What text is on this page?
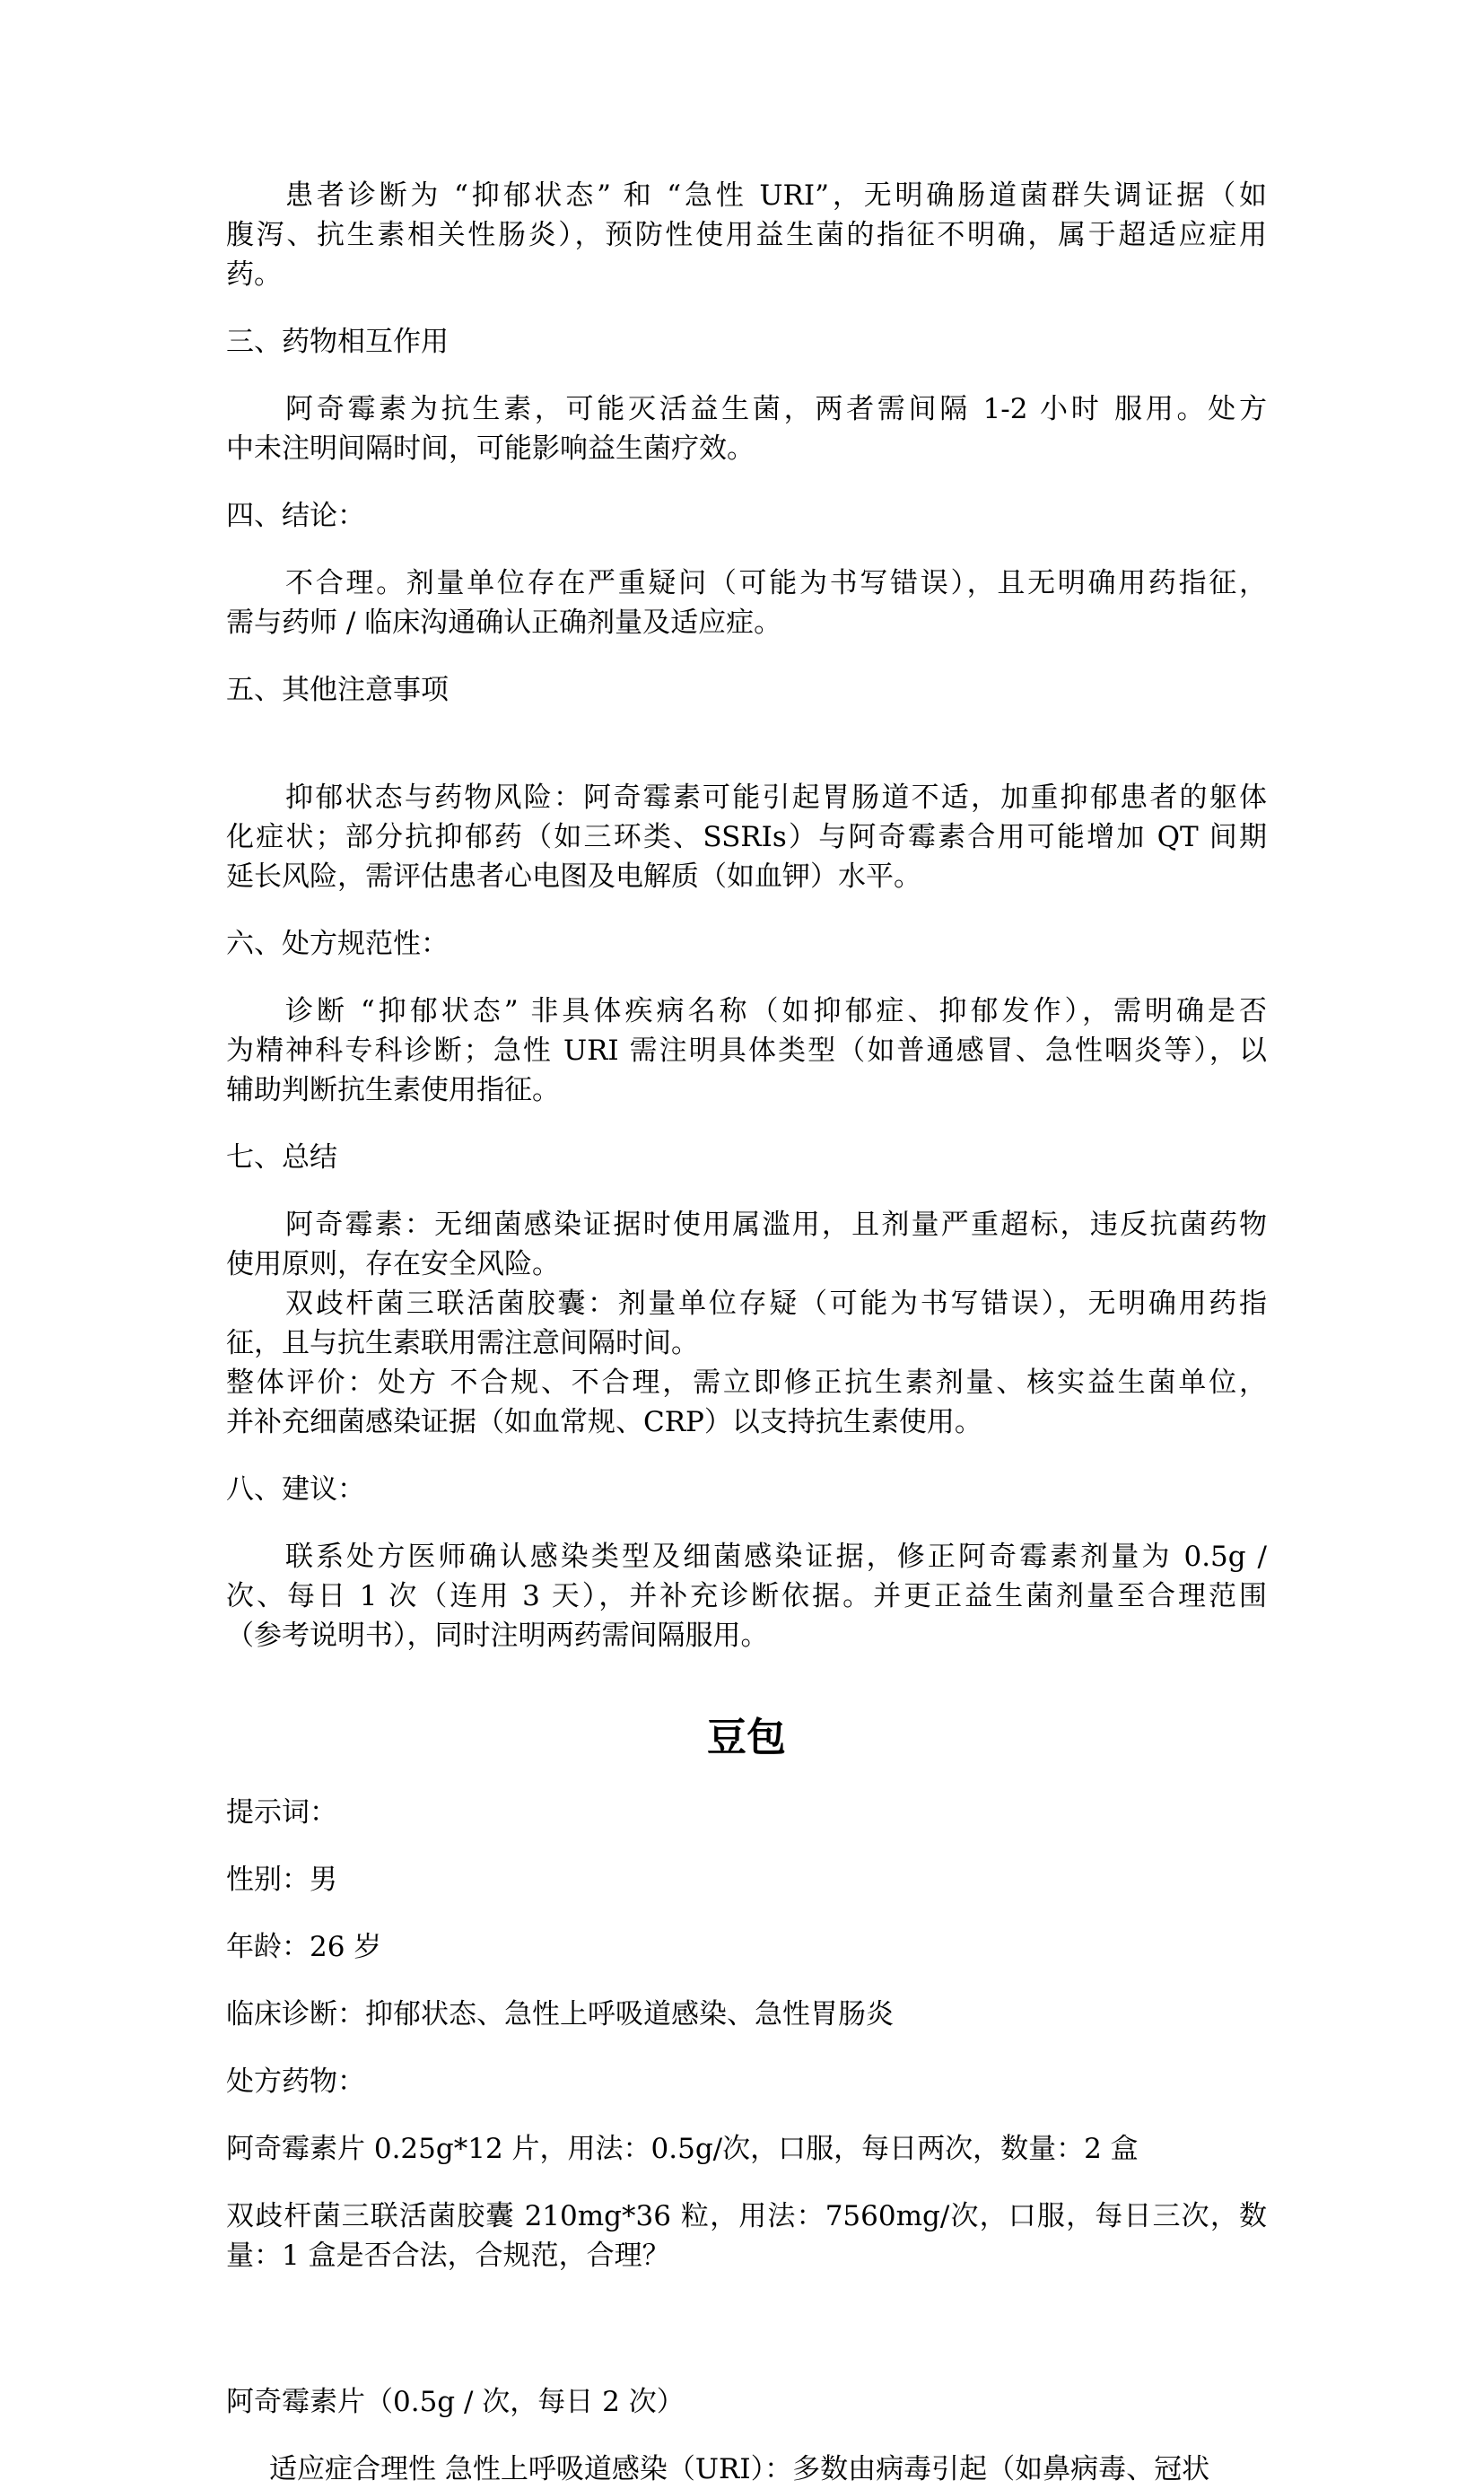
患者诊断为 “抑郁状态” 和 “急性 URI”，无明确肠道菌群失调证据（如

腹泻、抗生素相关性肠炎），预防性使用益生菌的指征不明确，属于超适应症用

药。

三、药物相互作用

阿奇霉素为抗生素，可能灭活益生菌，两者需间隔 1-2 小时 服用。处方

中未注明间隔时间，可能影响益生菌疗效。

四、结论：

不合理。剂量单位存在严重疑问（可能为书写错误），且无明确用药指征，

需与药师 / 临床沟通确认正确剂量及适应症。

五、其他注意事项

抑郁状态与药物风险：阿奇霉素可能引起胃肠道不适，加重抑郁患者的躯体

化症状；部分抗抑郁药（如三环类、SSRIs）与阿奇霉素合用可能增加 QT 间期

延长风险，需评估患者心电图及电解质（如血钾）水平。

六、处方规范性：

诊断 “抑郁状态” 非具体疾病名称（如抑郁症、抑郁发作），需明确是否

为精神科专科诊断；急性 URI 需注明具体类型（如普通感冒、急性咽炎等），以

辅助判断抗生素使用指征。

七、总结

阿奇霉素：无细菌感染证据时使用属滥用，且剂量严重超标，违反抗菌药物

使用原则，存在安全风险。

双歧杆菌三联活菌胶囊：剂量单位存疑（可能为书写错误），无明确用药指

征，且与抗生素联用需注意间隔时间。

整体评价：处方 不合规、不合理，需立即修正抗生素剂量、核实益生菌单位，

并补充细菌感染证据（如血常规、CRP）以支持抗生素使用。

八、建议：

联系处方医师确认感染类型及细菌感染证据，修正阿奇霉素剂量为 0.5g /

次、每日 1 次（连用 3 天），并补充诊断依据。并更正益生菌剂量至合理范围

（参考说明书），同时注明两药需间隔服用。

豆包

提示词：

性别：男

年龄：26 岁

临床诊断：抑郁状态、急性上呼吸道感染、急性胃肠炎

处方药物：

阿奇霉素片 0.25g*12 片，用法：0.5g/次，口服，每日两次，数量：2 盒

双歧杆菌三联活菌胶囊 210mg*36 粒，用法：7560mg/次，口服，每日三次，数

量：1 盒是否合法，合规范，合理？

阿奇霉素片（0.5g / 次，每日 2 次）

适应症合理性 急性上呼吸道感染（URI）：多数由病毒引起（如鼻病毒、冠状
